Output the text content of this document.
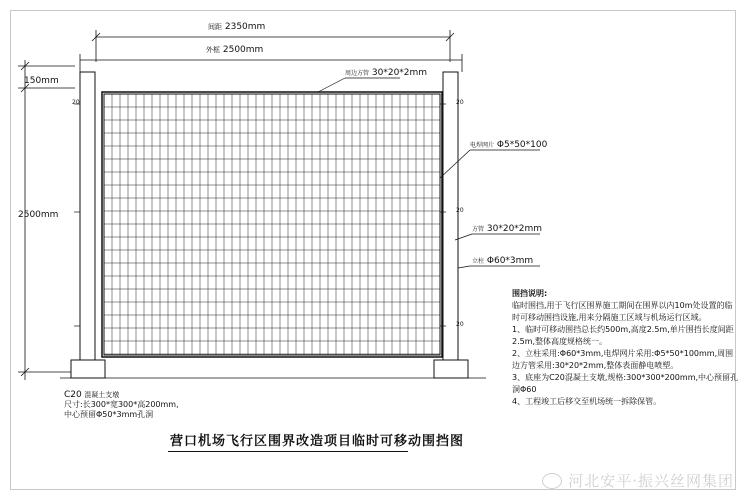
间距 2350mm
外框 2500mm
150mm
2500mm
20
20
20
20
周边方管 30*20*2mm
电焊网片 Φ5*50*100
方管 30*20*2mm
立柱 Φ60*3mm
C20 混凝土支墩
尺寸:长300*宽300*高200mm,
中心预留Φ50*3mm孔洞
围挡说明:
临时围挡,用于飞行区围界施工期间在围界以内10m处设置的临时可移动围挡设施,用来分隔施工区域与机场运行区域。
1、临时可移动围挡总长约500m,高度2.5m,单片围挡长度间距2.5m,整体高度规格统一。
2、立柱采用:Φ60*3mm,电焊网片采用:Φ5*50*100mm,周围边方管采用:30*20*2mm,整体表面静电喷塑。
3、底座为C20混凝土支墩,规格:300*300*200mm,中心预留孔洞Φ60
4、工程竣工后移交至机场统一拆除保管。
营口机场飞行区围界改造项目临时可移动围挡图
河北安平·振兴丝网集团
